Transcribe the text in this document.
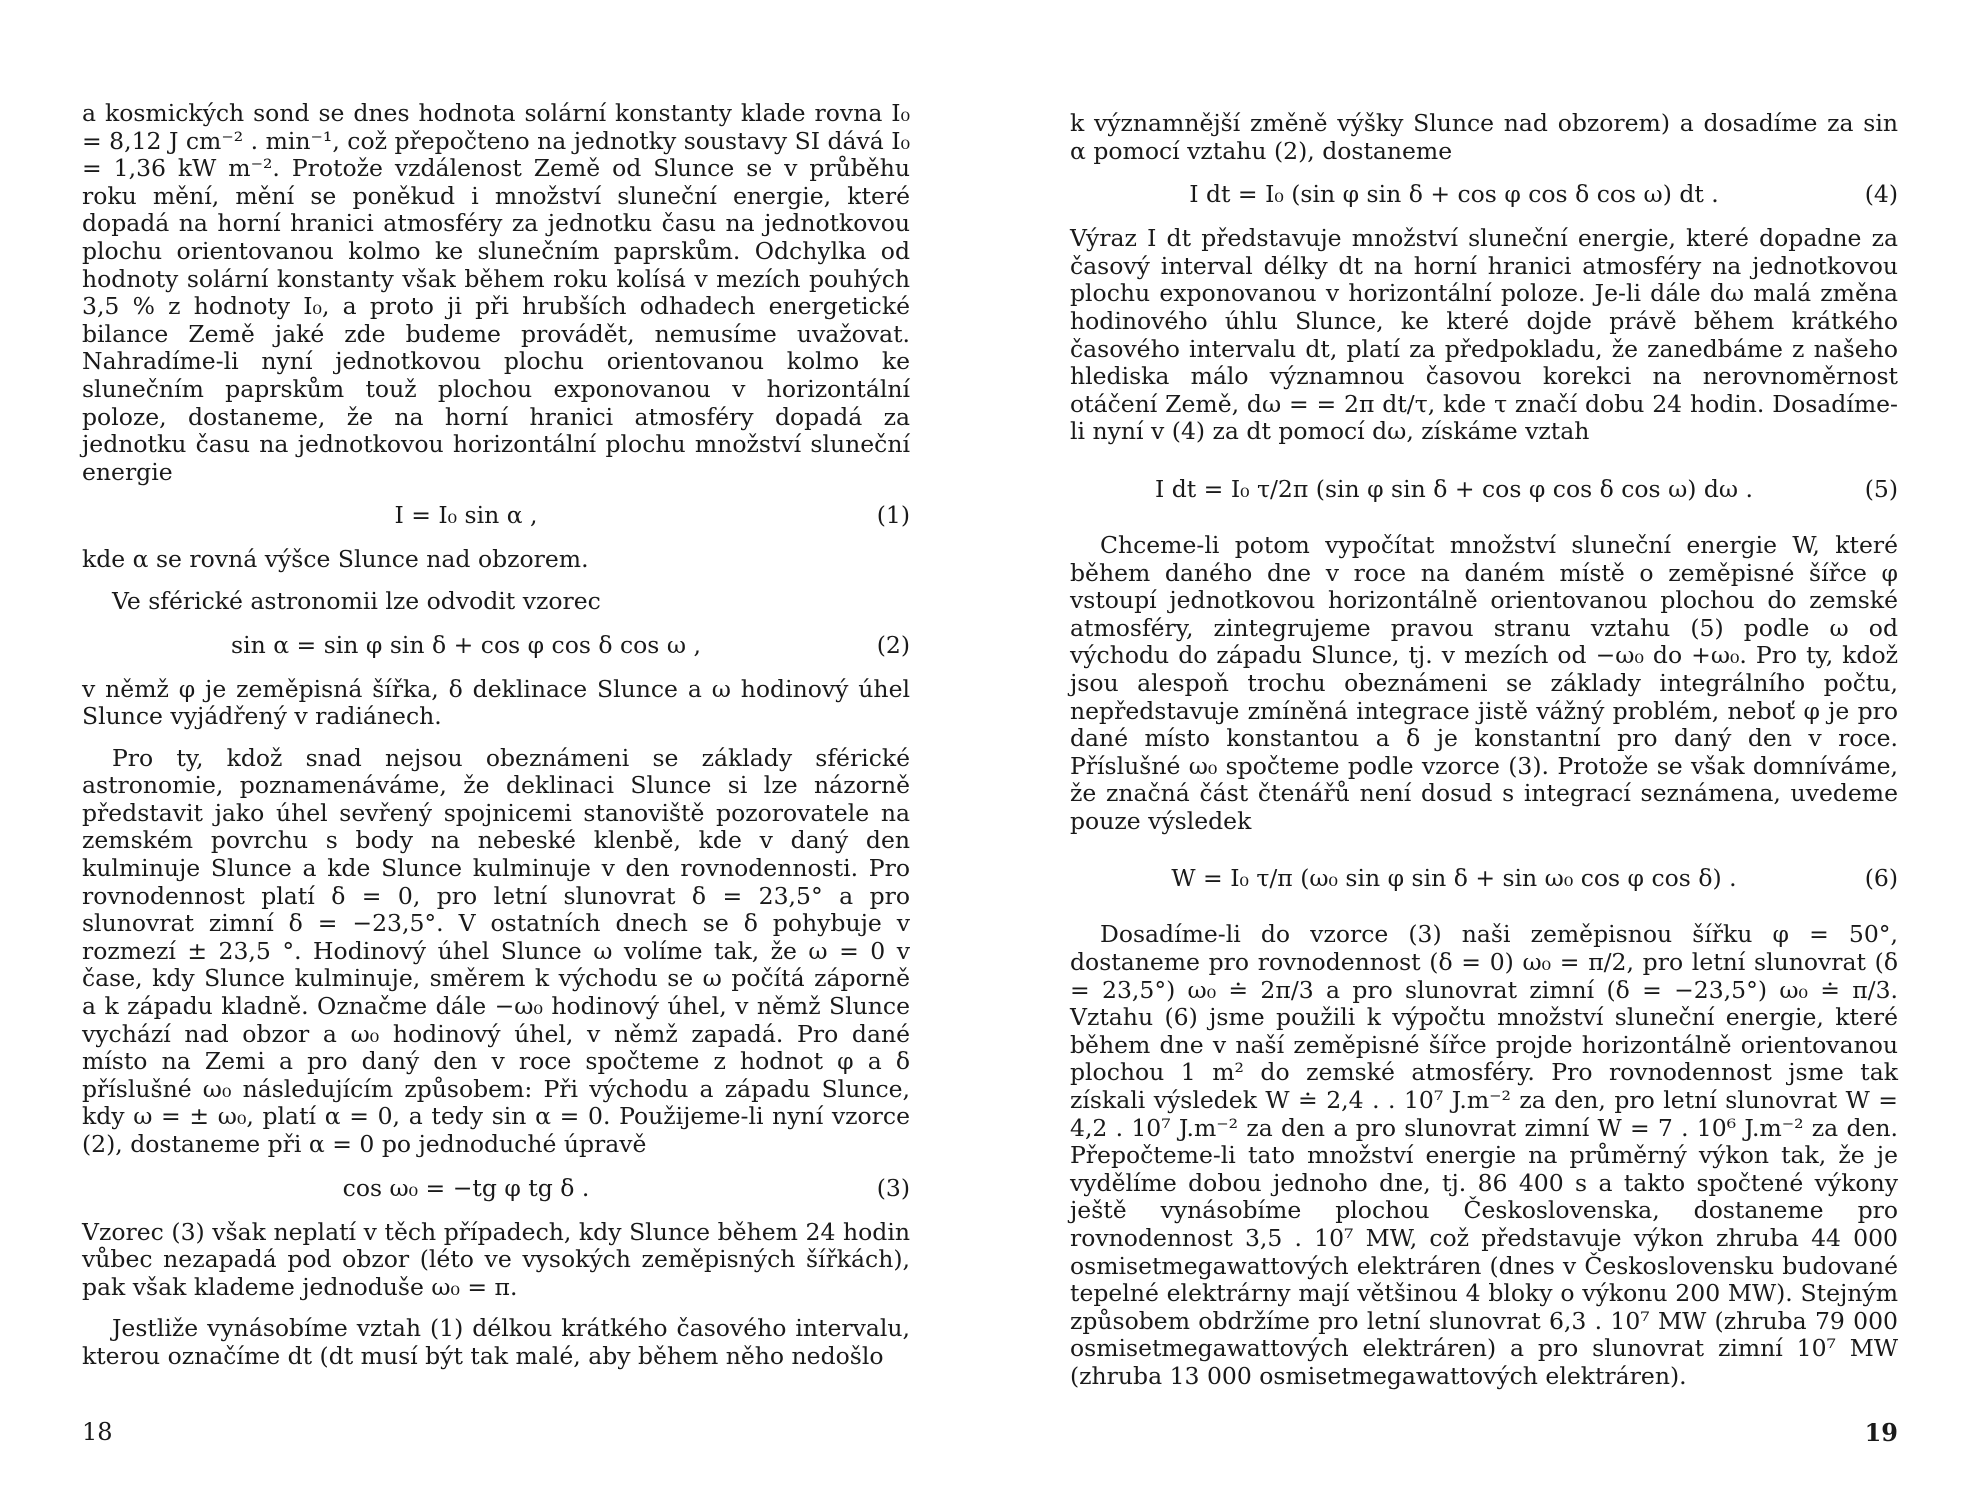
a kosmických sond se dnes hodnota solární konstanty klade rovna I₀ = 8,12 J cm⁻² . min⁻¹, což přepočteno na jednotky soustavy SI dává I₀ = 1,36 kW m⁻². Protože vzdálenost Země od Slunce se v průběhu roku mění, mění se poněkud i množství sluneční energie, které dopadá na horní hranici atmosféry za jednotku času na jednotkovou plochu orientovanou kolmo ke slunečním paprskům. Odchylka od hodnoty solární konstanty však během roku kolísá v mezích pouhých 3,5 % z hodnoty I₀, a proto ji při hrubších odhadech energetické bilance Země jaké zde budeme provádět, nemusíme uvažovat. Nahradíme-li nyní jednotkovou plochu orientovanou kolmo ke slunečním paprskům touž plochou exponovanou v horizontální poloze, dostaneme, že na horní hranici atmosféry dopadá za jednotku času na jednotkovou horizontální plochu množství sluneční energie

I = I₀ sin α ,	(1)

kde α se rovná výšce Slunce nad obzorem.

Ve sférické astronomii lze odvodit vzorec

sin α = sin φ sin δ + cos φ cos δ cos ω ,	(2)

v němž φ je zeměpisná šířka, δ deklinace Slunce a ω hodinový úhel Slunce vyjádřený v radiánech.

Pro ty, kdož snad nejsou obeznámeni se základy sférické astronomie, poznamenáváme, že deklinaci Slunce si lze názorně představit jako úhel sevřený spojnicemi stanoviště pozorovatele na zemském povrchu s body na nebeské klenbě, kde v daný den kulminuje Slunce a kde Slunce kulminuje v den rovnodennosti. Pro rovnodennost platí δ = 0, pro letní slunovrat δ = 23,5° a pro slunovrat zimní δ = −23,5°. V ostatních dnech se δ pohybuje v rozmezí ± 23,5 °. Hodinový úhel Slunce ω volíme tak, že ω = 0 v čase, kdy Slunce kulminuje, směrem k východu se ω počítá záporně a k západu kladně. Označme dále −ω₀ hodinový úhel, v němž Slunce vychází nad obzor a ω₀ hodinový úhel, v němž zapadá. Pro dané místo na Zemi a pro daný den v roce spočteme z hodnot φ a δ příslušné ω₀ následujícím způsobem: Při východu a západu Slunce, kdy ω = ± ω₀, platí α = 0, a tedy sin α = 0. Použijeme-li nyní vzorce (2), dostaneme při α = 0 po jednoduché úpravě

cos ω₀ = −tg φ tg δ .	(3)

Vzorec (3) však neplatí v těch případech, kdy Slunce během 24 hodin vůbec nezapadá pod obzor (léto ve vysokých zeměpisných šířkách), pak však klademe jednoduše ω₀ = π.

Jestliže vynásobíme vztah (1) délkou krátkého časového intervalu, kterou označíme dt (dt musí být tak malé, aby během něho nedošlo

18

k významnější změně výšky Slunce nad obzorem) a dosadíme za sin α pomocí vztahu (2), dostaneme

I dt = I₀ (sin φ sin δ + cos φ cos δ cos ω) dt .	(4)

Výraz I dt představuje množství sluneční energie, které dopadne za časový interval délky dt na horní hranici atmosféry na jednotkovou plochu exponovanou v horizontální poloze. Je-li dále dω malá změna hodinového úhlu Slunce, ke které dojde právě během krátkého časového intervalu dt, platí za předpokladu, že zanedbáme z našeho hlediska málo významnou časovou korekci na nerovnoměrnost otáčení Země, dω = = 2π dt/τ, kde τ značí dobu 24 hodin. Dosadíme-li nyní v (4) za dt pomocí dω, získáme vztah

I dt = I₀ τ/2π (sin φ sin δ + cos φ cos δ cos ω) dω .	(5)

Chceme-li potom vypočítat množství sluneční energie W, které během daného dne v roce na daném místě o zeměpisné šířce φ vstoupí jednotkovou horizontálně orientovanou plochou do zemské atmosféry, zintegrujeme pravou stranu vztahu (5) podle ω od východu do západu Slunce, tj. v mezích od −ω₀ do +ω₀. Pro ty, kdož jsou alespoň trochu obeznámeni se základy integrálního počtu, nepředstavuje zmíněná integrace jistě vážný problém, neboť φ je pro dané místo konstantou a δ je konstantní pro daný den v roce. Příslušné ω₀ spočteme podle vzorce (3). Protože se však domníváme, že značná část čtenářů není dosud s integrací seznámena, uvedeme pouze výsledek

W = I₀ τ/π (ω₀ sin φ sin δ + sin ω₀ cos φ cos δ) .	(6)

Dosadíme-li do vzorce (3) naši zeměpisnou šířku φ = 50°, dostaneme pro rovnodennost (δ = 0) ω₀ = π/2, pro letní slunovrat (δ = 23,5°) ω₀ ≐ 2π/3 a pro slunovrat zimní (δ = −23,5°) ω₀ ≐ π/3. Vztahu (6) jsme použili k výpočtu množství sluneční energie, které během dne v naší zeměpisné šířce projde horizontálně orientovanou plochou 1 m² do zemské atmosféry. Pro rovnodennost jsme tak získali výsledek W ≐ 2,4 . . 10⁷ J.m⁻² za den, pro letní slunovrat W = 4,2 . 10⁷ J.m⁻² za den a pro slunovrat zimní W = 7 . 10⁶ J.m⁻² za den. Přepočteme-li tato množství energie na průměrný výkon tak, že je vydělíme dobou jednoho dne, tj. 86 400 s a takto spočtené výkony ještě vynásobíme plochou Československa, dostaneme pro rovnodennost 3,5 . 10⁷ MW, což představuje výkon zhruba 44 000 osmisetmegawattových elektráren (dnes v Československu budované tepelné elektrárny mají většinou 4 bloky o výkonu 200 MW). Stejným způsobem obdržíme pro letní slunovrat 6,3 . 10⁷ MW (zhruba 79 000 osmisetmegawattových elektráren) a pro slunovrat zimní 10⁷ MW (zhruba 13 000 osmisetmegawattových elektráren).

19
